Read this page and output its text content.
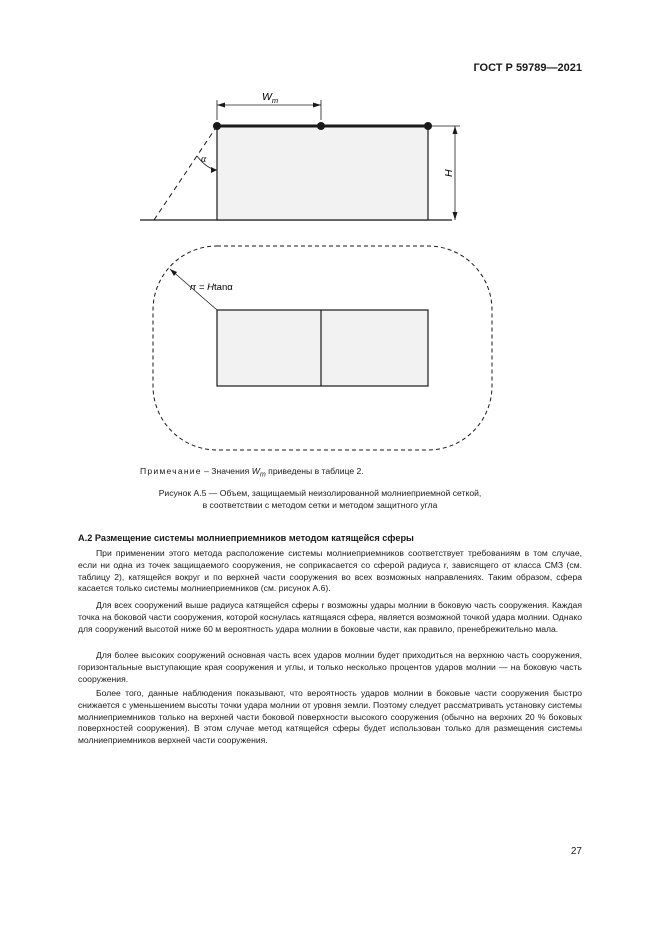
ГОСТ Р 59789—2021
α
$W_m$
H
rr = Htanα
Примечание – Значения $W_m$ приведены в таблице 2.
Рисунок А.5 — Объем, защищаемый неизолированной молниеприемной сеткой,
в соответствии с методом сетки и методом защитного угла
А.2 Размещение системы молниеприемников методом катящейся сферы

При применении этого метода расположение системы молниеприемников соответствует требованиям в том случае, если ни одна из точек защищаемого сооружения, не соприкасается со сферой радиуса r, зависящего от класса СМЗ (см. таблицу 2), катящейся вокруг и по верхней части сооружения во всех возможных направлениях. Таким образом, сфера касается только системы молниеприемников (см. рисунок А.6).

Для всех сооружений выше радиуса катящейся сферы r возможны удары молнии в боковую часть сооружения. Каждая точка на боковой части сооружения, которой коснулась катящаяся сфера, является возможной точкой удара молнии. Однако для сооружений высотой ниже 60 м вероятность удара молнии в боковые части, как правило, пренебрежительно мала.

Для более высоких сооружений основная часть всех ударов молнии будет приходиться на верхнюю часть сооружения, горизонтальные выступающие края сооружения и углы, и только несколько процентов ударов молнии — на боковую часть сооружения.

Более того, данные наблюдения показывают, что вероятность ударов молнии в боковые части сооружения быстро снижается с уменьшением высоты точки удара молнии от уровня земли. Поэтому следует рассматривать установку системы молниеприемников только на верхней части боковой поверхности высокого сооружения (обычно на верхних 20 % боковых поверхностей сооружения). В этом случае метод катящейся сферы будет использован только для размещения системы молниеприемников верхней части сооружения.

27
